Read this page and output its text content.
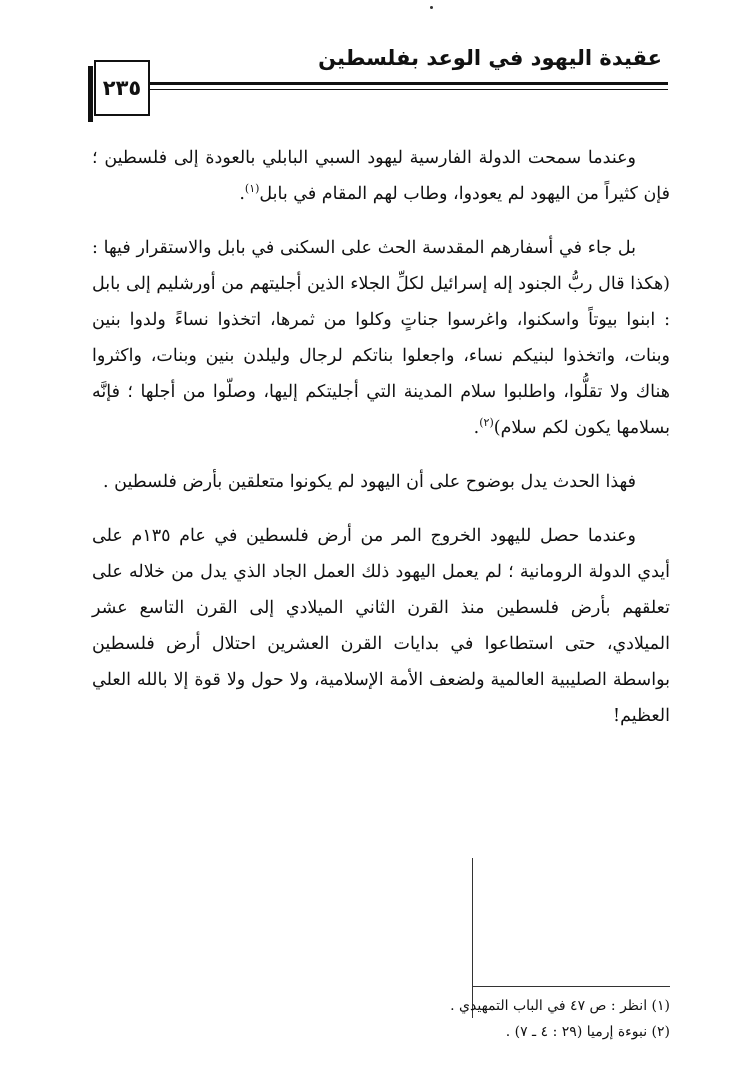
عقيدة اليهود في الوعد بفلسطين
٢٣٥

وعندما سمحت الدولة الفارسية ليهود السبي البابلي بالعودة إلى فلسطين ؛ فإن كثيراً من اليهود لم يعودوا، وطاب لهم المقام في بابل$^{(١)}$.

بل جاء في أسفارهم المقدسة الحث على السكنى في بابل والاستقرار فيها : (هكذا قال ربُّ الجنود إله إسرائيل لكلِّ الجلاء الذين أجليتهم من أورشليم إلى بابل : ابنوا بيوتاً واسكنوا، واغرسوا جناتٍ وكلوا من ثمرها، اتخذوا نساءً ولدوا بنين وبنات، واتخذوا لبنيكم نساء، واجعلوا بناتكم لرجال وليلدن بنين وبنات، واكثروا هناك ولا تقلُّوا، واطلبوا سلام المدينة التي أجليتكم إليها، وصلّوا من أجلها ؛ فإنَّه بسلامها يكون لكم سلام)$^{(٢)}$.

فهذا الحدث يدل بوضوح على أن اليهود لم يكونوا متعلقين بأرض فلسطين .

وعندما حصل لليهود الخروج المر من أرض فلسطين في عام ١٣٥م على أيدي الدولة الرومانية ؛ لم يعمل اليهود ذلك العمل الجاد الذي يدل من خلاله على تعلقهم بأرض فلسطين منذ القرن الثاني الميلادي إلى القرن التاسع عشر الميلادي، حتى استطاعوا في بدايات القرن العشرين احتلال أرض فلسطين بواسطة الصليبية العالمية ولضعف الأمة الإسلامية، ولا حول ولا قوة إلا بالله العلي العظيم!

(١) انظر : ص ٤٧ في الباب التمهيدي .
(٢) نبوءة إرميا (٢٩ : ٤ ـ ٧) .
